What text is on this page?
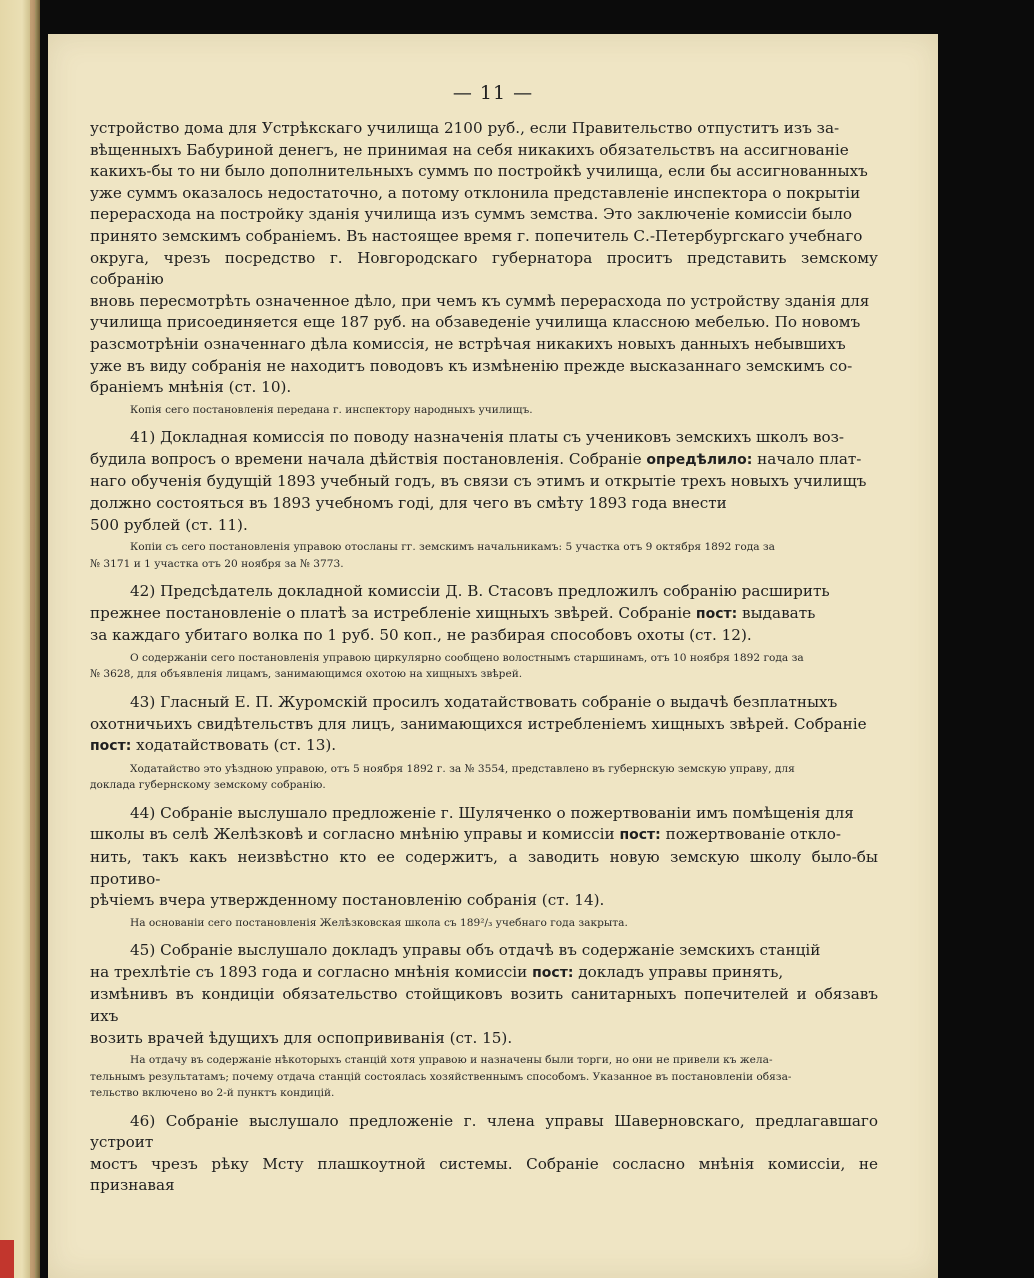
— 11 —

устройство дома для Устрѣкскаго училища 2100 руб., если Правительство отпуститъ изъ за-

вѣщенныхъ Бабуриной денегъ, не принимая на себя никакихъ обязательствъ на ассигнованіе

какихъ-бы то ни было дополнительныхъ суммъ по постройкѣ училища, если бы ассигнованныхъ

уже суммъ оказалось недостаточно, а потому отклонила представленіе инспектора о покрытіи

перерасхода на постройку зданія училища изъ суммъ земства. Это заключеніе комиссіи было

принято земскимъ собраніемъ. Въ настоящее время г. попечитель С.-Петербургскаго учебнаго

округа, чрезъ посредство г. Новгородскаго губернатора проситъ представить земскому собранію

вновь пересмотрѣть означенное дѣло, при чемъ къ суммѣ перерасхода по устройству зданія для

училища присоединяется еще 187 руб. на обзаведеніе училища классною мебелью. По новомъ

разсмотрѣніи означеннаго дѣла комиссія, не встрѣчая никакихъ новыхъ данныхъ небывшихъ

уже въ виду собранія не находитъ поводовъ къ измѣненію прежде высказаннаго земскимъ со-

браніемъ мнѣнія (ст. 10).

Копія сего постановленія передана г. инспектору народныхъ училищъ.

41) Докладная комиссія по поводу назначенія платы съ учениковъ земскихъ школъ воз-

будила вопросъ о времени начала дѣйствія постановленія. Собраніе опредѣлило: начало плат-

наго обученія будущій 1893 учебный годъ, въ связи съ этимъ и открытіе трехъ новыхъ училищъ

должно состояться въ 1893 учебномъ годі, для чего въ смѣту 1893 года внести

500 рублей (ст. 11).

Копіи съ сего постановленія управою отосланы гг. земскимъ начальникамъ: 5 участка отъ 9 октября 1892 года за

№ 3171 и 1 участка отъ 20 ноября за № 3773.

42) Предсѣдатель докладной комиссіи Д. В. Стасовъ предложилъ собранію расширить

прежнее постановленіе о платѣ за истребленіе хищныхъ звѣрей. Собраніе пост: выдавать

за каждаго убитаго волка по 1 руб. 50 коп., не разбирая способовъ охоты (ст. 12).

О содержаніи сего постановленія управою циркулярно сообщено волостнымъ старшинамъ, отъ 10 ноября 1892 года за

№ 3628, для объявленія лицамъ, занимающимся охотою на хищныхъ звѣрей.

43) Гласный Е. П. Журомскій просилъ ходатайствовать собраніе о выдачѣ безплатныхъ

охотничьихъ свидѣтельствъ для лицъ, занимающихся истребленіемъ хищныхъ звѣрей. Собраніе

пост: ходатайствовать (ст. 13).

Ходатайство это уѣздною управою, отъ 5 ноября 1892 г. за № 3554, представлено въ губернскую земскую управу, для

доклада губернскому земскому собранію.

44) Собраніе выслушало предложеніе г. Шуляченко о пожертвованіи имъ помѣщенія для

школы въ селѣ Желѣзковѣ и согласно мнѣнію управы и комиссіи пост: пожертвованіе откло-

нить, такъ какъ неизвѣстно кто ее содержитъ, а заводить новую земскую школу было-бы противо-

рѣчіемъ вчера утвержденному постановленію собранія (ст. 14).

На основаніи сего постановленія Желѣзковская школа съ 189²/₃ учебнаго года закрыта.

45) Собраніе выслушало докладъ управы объ отдачѣ въ содержаніе земскихъ станцій

на трехлѣтіе съ 1893 года и согласно мнѣнія комиссіи пост: докладъ управы принять,

измѣнивъ въ кондиціи обязательство стойщиковъ возить санитарныхъ попечителей и обязавъ ихъ

возить врачей ѣдущихъ для оспопрививанія (ст. 15).

На отдачу въ содержаніе нѣкоторыхъ станцій хотя управою и назначены были торги, но они не привели къ жела-

тельнымъ результатамъ; почему отдача станцій состоялась хозяйственнымъ способомъ. Указанное въ постановленіи обяза-

тельство включено во 2-й пунктъ кондицій.

46) Собраніе выслушало предложеніе г. члена управы Шаверновскаго, предлагавшаго устроит

мостъ чрезъ рѣку Мсту плашкоутной системы. Собраніе сосласно мнѣнія комиссіи, не признавая
